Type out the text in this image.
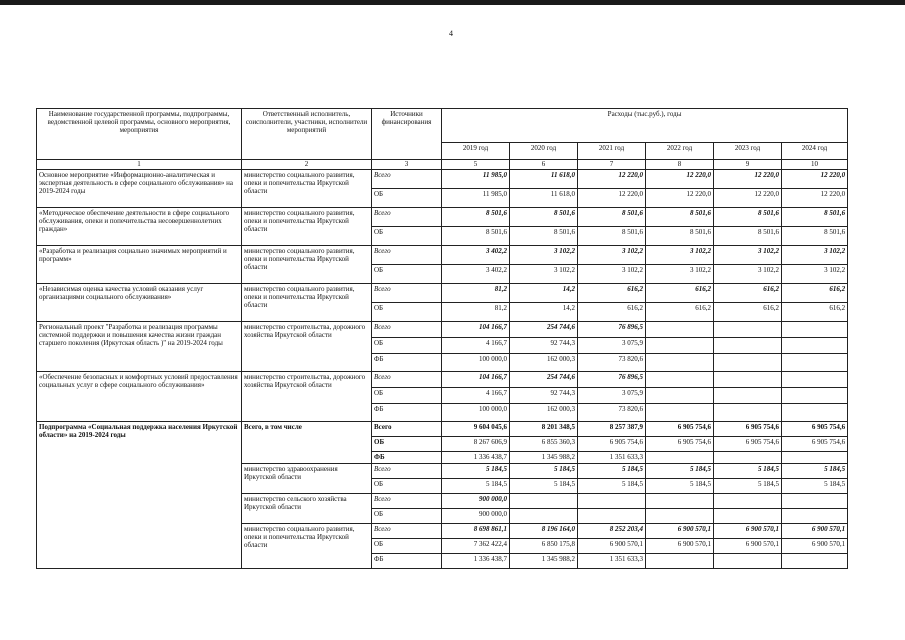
4
Наименование государственной программы, подпрограммы, ведомственной целевой программы, основного мероприятия, мероприятия	Ответственный исполнитель, соисполнители, участники, исполнители мероприятий	Источники финансирования	Расходы (тыс.руб.), годы					
			2019 год	2020 год	2021 год	2022 год	2023 год	2024 год
1	2	3	5	6	7	8	9	10
Основное мероприятие «Информационно-аналитическая и экспертная деятельность в сфере социального обслуживания» на 2019-2024 годы	министерство социального развития, опеки и попечительства Иркутской области	Всего	11 985,0	11 618,0	12 220,0	12 220,0	12 220,0	12 220,0
		ОБ	11 985,0	11 618,0	12 220,0	12 220,0	12 220,0	12 220,0
«Методическое обеспечение деятельности в сфере социального обслуживания, опеки и попечительства несовершеннолетних граждан»	министерство социального развития, опеки и попечительства Иркутской области	Всего	8 501,6	8 501,6	8 501,6	8 501,6	8 501,6	8 501,6
		ОБ	8 501,6	8 501,6	8 501,6	8 501,6	8 501,6	8 501,6
«Разработка и реализация социально значимых мероприятий и программ»	министерство социального развития, опеки и попечительства Иркутской области	Всего	3 402,2	3 102,2	3 102,2	3 102,2	3 102,2	3 102,2
		ОБ	3 402,2	3 102,2	3 102,2	3 102,2	3 102,2	3 102,2
«Независимая оценка качества условий оказания услуг организациями социального обслуживания»	министерство социального развития, опеки и попечительства Иркутской области	Всего	81,2	14,2	616,2	616,2	616,2	616,2
		ОБ	81,2	14,2	616,2	616,2	616,2	616,2
Региональный проект "Разработка и реализация программы системной поддержки и повышения качества жизни граждан старшего поколения (Иркутская область )" на 2019-2024 годы	министерство строительства, дорожного хозяйства Иркутской области	Всего	104 166,7	254 744,6	76 896,5			
		ОБ	4 166,7	92 744,3	3 075,9			
		ФБ	100 000,0	162 000,3	73 820,6			
«Обеспечение безопасных и комфортных условий предоставления социальных услуг в сфере социального обслуживания»	министерство строительства, дорожного хозяйства Иркутской области	Всего	104 166,7	254 744,6	76 896,5			
		ОБ	4 166,7	92 744,3	3 075,9			
		ФБ	100 000,0	162 000,3	73 820,6			
Подпрограмма «Социальная поддержка населения Иркутской области» на 2019-2024 годы	Всего, в том числе	Всего	9 604 045,6	8 201 348,5	8 257 387,9	6 905 754,6	6 905 754,6	6 905 754,6
		ОБ	8 267 606,9	6 855 360,3	6 905 754,6	6 905 754,6	6 905 754,6	6 905 754,6
		ФБ	1 336 438,7	1 345 988,2	1 351 633,3			
	министерство здравоохранения Иркутской области	Всего	5 184,5	5 184,5	5 184,5	5 184,5	5 184,5	5 184,5
		ОБ	5 184,5	5 184,5	5 184,5	5 184,5	5 184,5	5 184,5
	министерство сельского хозяйства Иркутской области	Всего	900 000,0					
		ОБ	900 000,0					
	министерство социального развития, опеки и попечительства Иркутской области	Всего	8 698 861,1	8 196 164,0	8 252 203,4	6 900 570,1	6 900 570,1	6 900 570,1
		ОБ	7 362 422,4	6 850 175,8	6 900 570,1	6 900 570,1	6 900 570,1	6 900 570,1
		ФБ	1 336 438,7	1 345 988,2	1 351 633,3			
